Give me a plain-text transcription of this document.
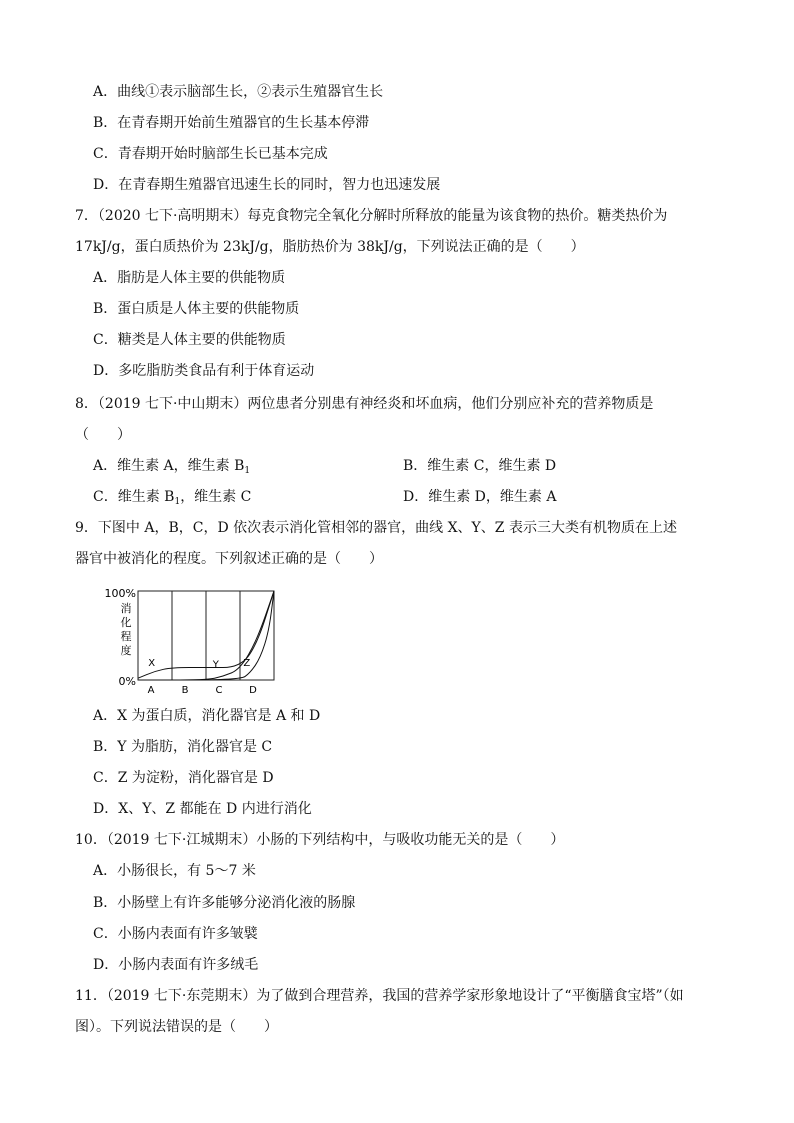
A．曲线①表示脑部生长，②表示生殖器官生长
B．在青春期开始前生殖器官的生长基本停滞
C．青春期开始时脑部生长已基本完成
D．在青春期生殖器官迅速生长的同时，智力也迅速发展
7．（2020 七下·高明期末）每克食物完全氧化分解时所释放的能量为该食物的热价。糖类热价为
17kJ/g，蛋白质热价为 23kJ/g，脂肪热价为 38kJ/g，下列说法正确的是（　　）
A．脂肪是人体主要的供能物质
B．蛋白质是人体主要的供能物质
C．糖类是人体主要的供能物质
D．多吃脂肪类食品有利于体育运动
8．（2019 七下·中山期末）两位患者分别患有神经炎和坏血病，他们分别应补充的营养物质是
（　　）
A．维生素 A，维生素 $B_1$	B．维生素 C，维生素 D
C．维生素 $B_1$，维生素 C	D．维生素 D，维生素 A
9．下图中 A，B，C，D 依次表示消化管相邻的器官，曲线 X、Y、Z 表示三大类有机物质在上述
器官中被消化的程度。下列叙述正确的是（　　）
100%
0%
消化程度
A	B	C	D
X	Y Z
A．X 为蛋白质，消化器官是 A 和 D
B．Y 为脂肪，消化器官是 C
C．Z 为淀粉，消化器官是 D
D．X、Y、Z 都能在 D 内进行消化
10．（2019 七下·江城期末）小肠的下列结构中，与吸收功能无关的是（　　）
A．小肠很长，有 5～7 米
B．小肠壁上有许多能够分泌消化液的肠腺
C．小肠内表面有许多皱襞
D．小肠内表面有许多绒毛
11．（2019 七下·东莞期末）为了做到合理营养，我国的营养学家形象地设计了“平衡膳食宝塔”（如
图）。下列说法错误的是（　　）
